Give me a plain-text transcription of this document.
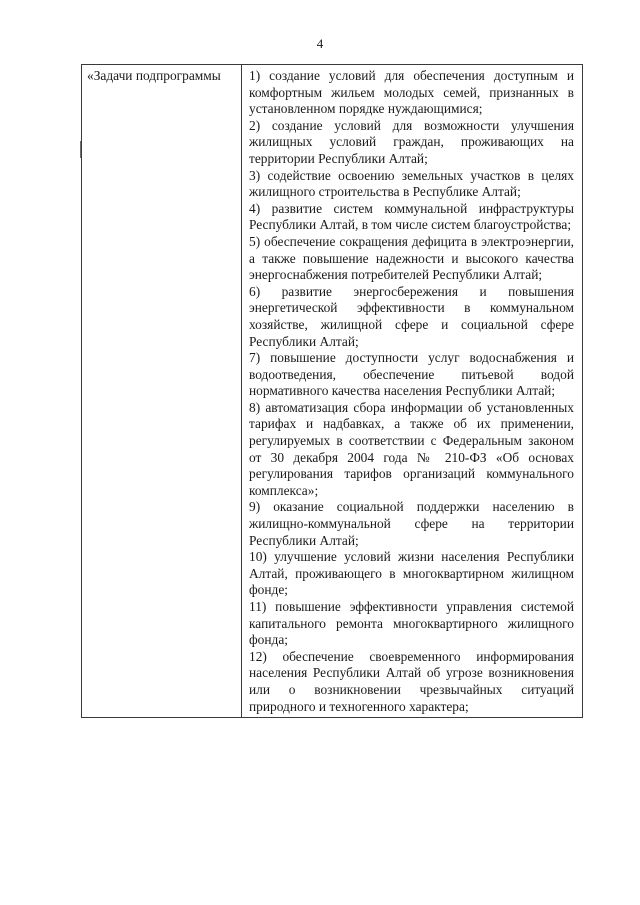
4
«Задачи подпрограммы	1) создание условий для обеспечения доступным и комфортным жильем молодых семей, признанных в установленном порядке нуждающимися;

2) создание условий для возможности улучшения жилищных условий граждан, проживающих на территории Республики Алтай;

3) содействие освоению земельных участков в целях жилищного строительства в Республике Алтай;

4) развитие систем коммунальной инфраструктуры Республики Алтай, в том числе систем благоустройства;

5) обеспечение сокращения дефицита в электроэнергии, а также повышение надежности и высокого качества энергоснабжения потребителей Республики Алтай;

6) развитие энергосбережения и повышения энергетической эффективности в коммунальном хозяйстве, жилищной сфере и социальной сфере Республики Алтай;

7) повышение доступности услуг водоснабжения и водоотведения, обеспечение питьевой водой нормативного качества населения Республики Алтай;

8) автоматизация сбора информации об установленных тарифах и надбавках, а также об их применении, регулируемых в соответствии с Федеральным законом от 30 декабря 2004 года № 210-ФЗ «Об основах регулирования тарифов организаций коммунального комплекса»;

9) оказание социальной поддержки населению в жилищно-коммунальной сфере на территории Республики Алтай;

10) улучшение условий жизни населения Республики Алтай, проживающего в многоквартирном жилищном фонде;

11) повышение эффективности управления системой капитального ремонта многоквартирного жилищного фонда;

12) обеспечение своевременного информирования населения Республики Алтай об угрозе возникновения или о возникновении чрезвычайных ситуаций природного и техногенного характера;
